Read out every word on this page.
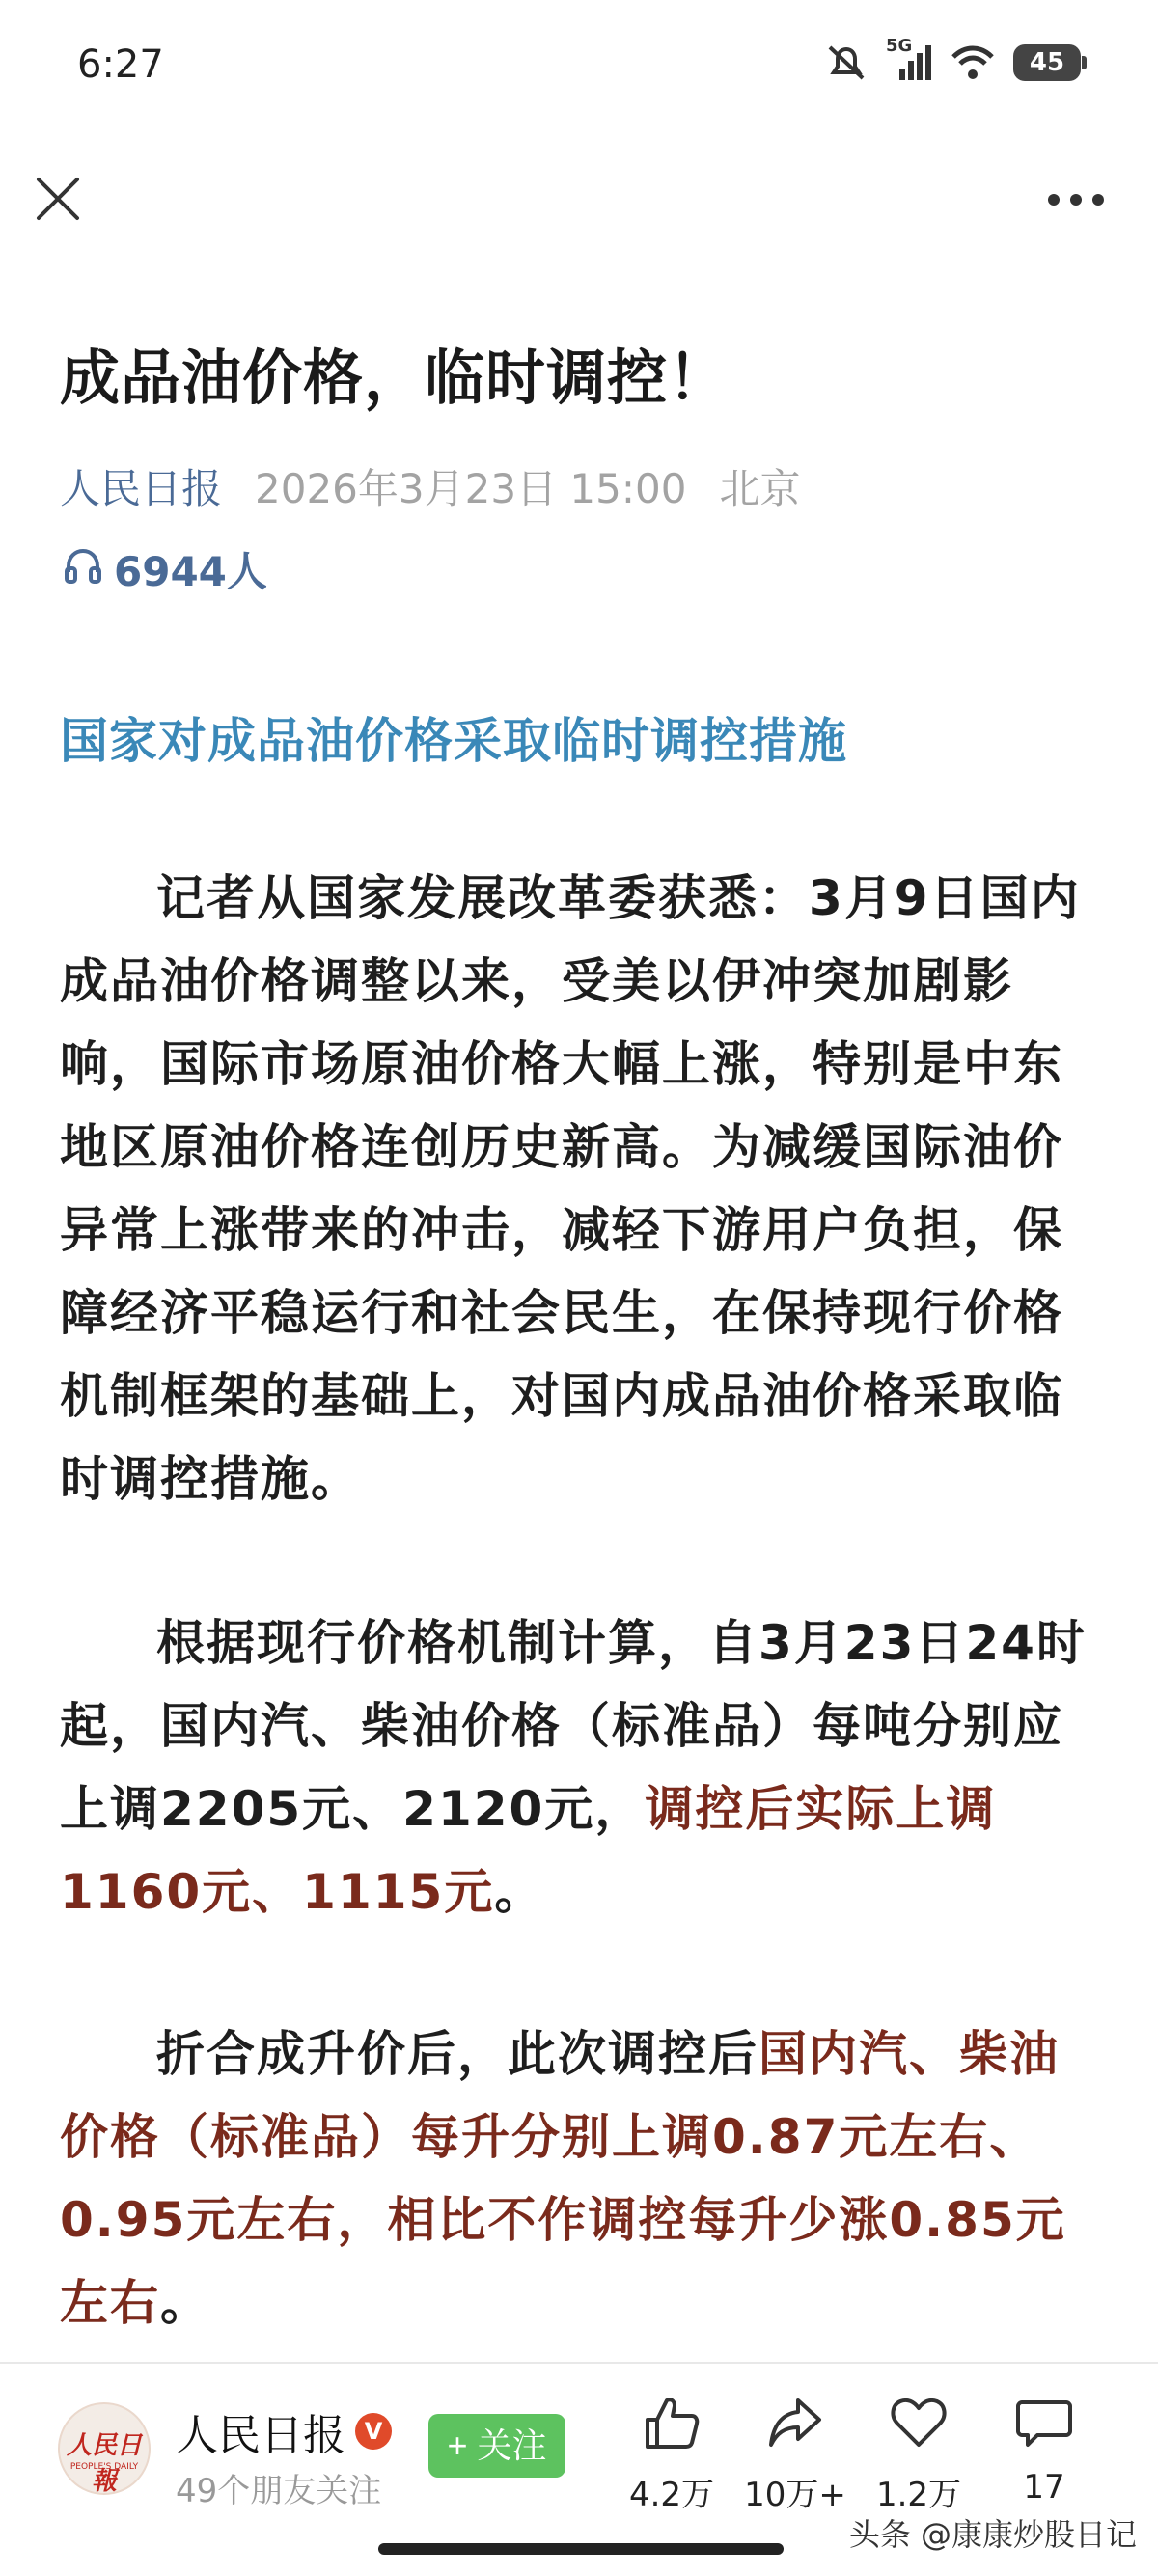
6:27	5G
45
成品油价格，临时调控！
人民日报 2026年3月23日 15:00 北京
6944人
国家对成品油价格采取临时调控措施

记者从国家发展改革委获悉：3月9日国内成品油价格调整以来，受美以伊冲突加剧影响，国际市场原油价格大幅上涨，特别是中东地区原油价格连创历史新高。为减缓国际油价异常上涨带来的冲击，减轻下游用户负担，保障经济平稳运行和社会民生，在保持现行价格机制框架的基础上，对国内成品油价格采取临时调控措施。

根据现行价格机制计算，自3月23日24时起，国内汽、柴油价格（标准品）每吨分别应上调2205元、2120元，调控后实际上调1160元、1115元。

折合成升价后，此次调控后国内汽、柴油价格（标准品）每升分别上调0.87元左右、0.95元左右，相比不作调控每升少涨0.85元左右。

人民日報
PEOPLE'S DAILY
人民日报 V
49个朋友关注
+ 关注
4.2万 10万+ 1.2万	17
头条 @康康炒股日记
